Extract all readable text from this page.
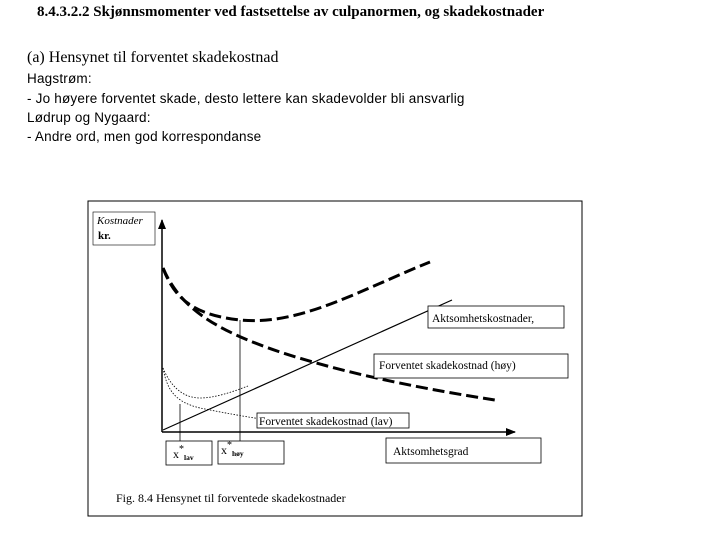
8.4.3.2.2 Skjønnsmomenter ved fastsettelse av culpanormen, og skadekostnader
(a) Hensynet til forventet skadekostnad
Hagstrøm:
- Jo høyere forventet skade, desto lettere kan skadevolder bli ansvarlig
Lødrup og Nygaard:
- Andre ord, men god korrespondanse
Kostnader
kr.
Aktsomhetskostnader,
Forventet skadekostnad (høy)
Forventet skadekostnad (lav)
$x^*_{lav}$
$x^*_{høy}$	Aktsomhetsgrad
Fig. 8.4 Hensynet til forventede skadekostnader
